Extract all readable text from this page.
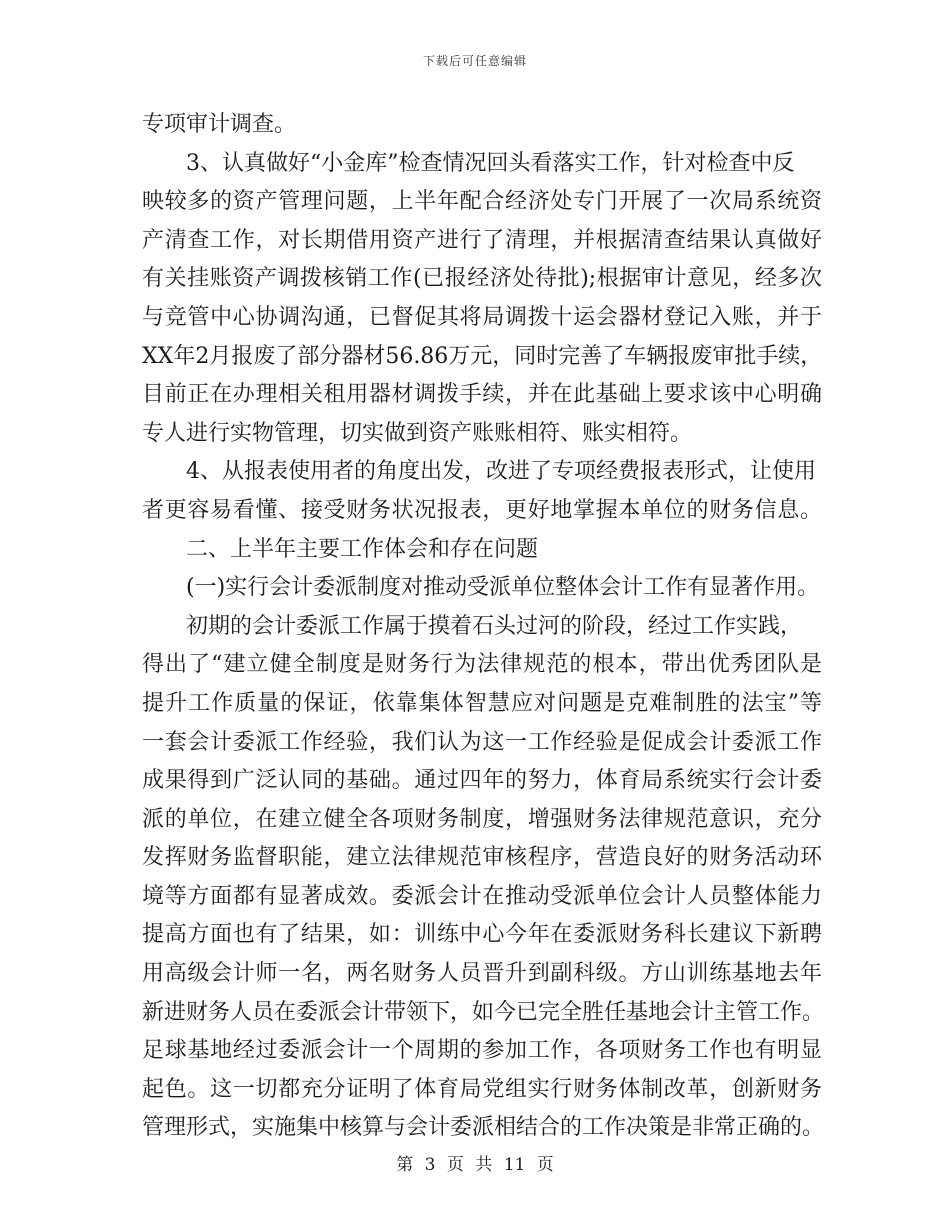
下载后可任意编辑
专项审计调查。
3、认真做好“小金库”检查情况回头看落实工作，针对检查中反
映较多的资产管理问题，上半年配合经济处专门开展了一次局系统资
产清查工作，对长期借用资产进行了清理，并根据清查结果认真做好
有关挂账资产调拨核销工作(已报经济处待批);根据审计意见，经多次
与竞管中心协调沟通，已督促其将局调拨十运会器材登记入账，并于
XX年2月报废了部分器材56.86万元，同时完善了车辆报废审批手续，
目前正在办理相关租用器材调拨手续，并在此基础上要求该中心明确
专人进行实物管理，切实做到资产账账相符、账实相符。
4、从报表使用者的角度出发，改进了专项经费报表形式，让使用
者更容易看懂、接受财务状况报表，更好地掌握本单位的财务信息。
二、上半年主要工作体会和存在问题
(一)实行会计委派制度对推动受派单位整体会计工作有显著作用。
初期的会计委派工作属于摸着石头过河的阶段，经过工作实践，
得出了“建立健全制度是财务行为法律规范的根本，带出优秀团队是
提升工作质量的保证，依靠集体智慧应对问题是克难制胜的法宝”等
一套会计委派工作经验，我们认为这一工作经验是促成会计委派工作
成果得到广泛认同的基础。通过四年的努力，体育局系统实行会计委
派的单位，在建立健全各项财务制度，增强财务法律规范意识，充分
发挥财务监督职能，建立法律规范审核程序，营造良好的财务活动环
境等方面都有显著成效。委派会计在推动受派单位会计人员整体能力
提高方面也有了结果，如：训练中心今年在委派财务科长建议下新聘
用高级会计师一名，两名财务人员晋升到副科级。方山训练基地去年
新进财务人员在委派会计带领下，如今已完全胜任基地会计主管工作。
足球基地经过委派会计一个周期的参加工作，各项财务工作也有明显
起色。这一切都充分证明了体育局党组实行财务体制改革，创新财务
管理形式，实施集中核算与会计委派相结合的工作决策是非常正确的。
第 3 页 共 11 页
